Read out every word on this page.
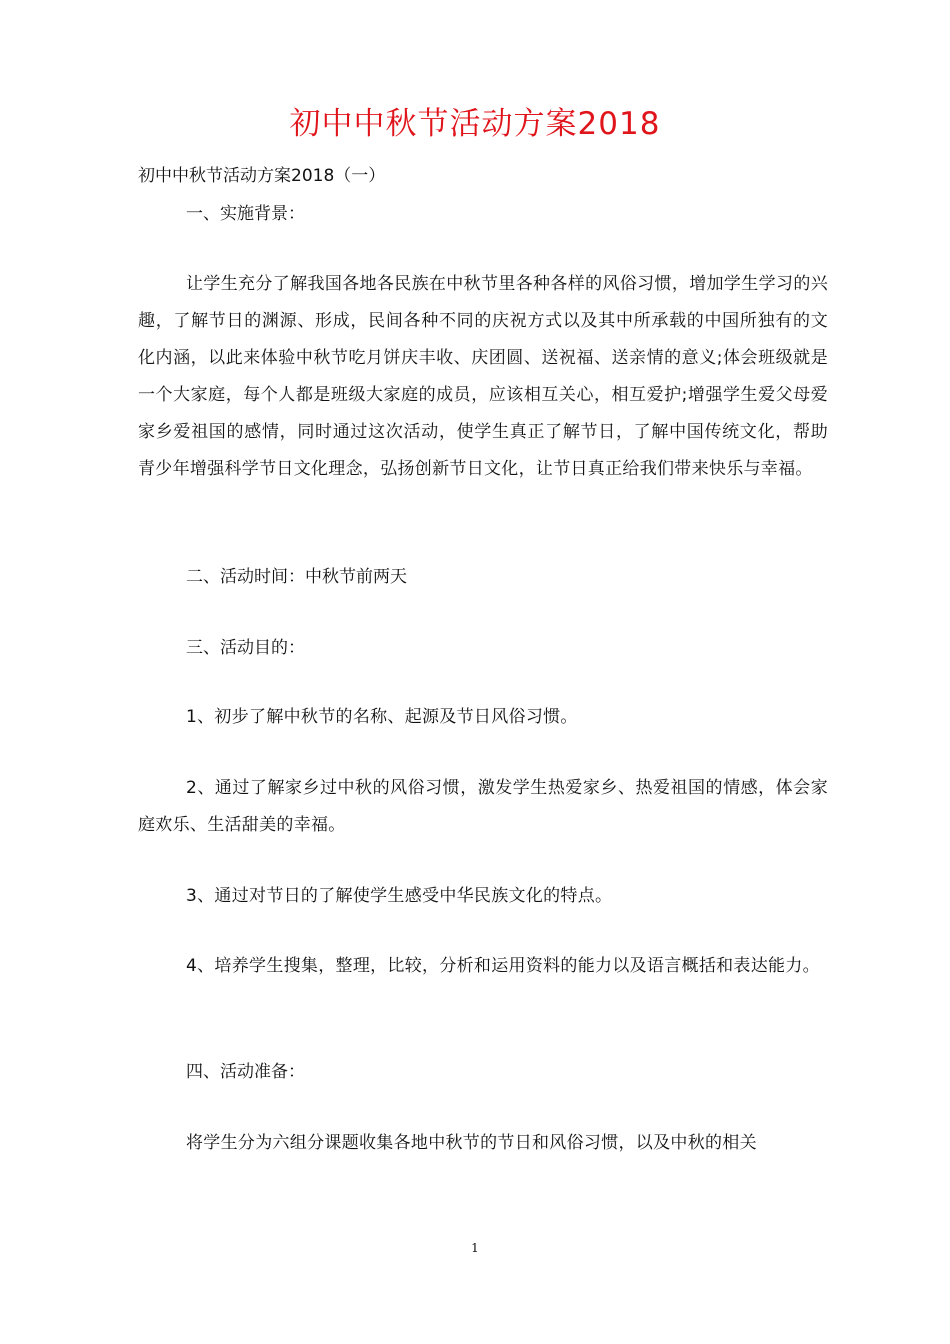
初中中秋节活动方案2018
初中中秋节活动方案2018（一）
一、实施背景：
让学生充分了解我国各地各民族在中秋节里各种各样的风俗习惯，增加学生学习的兴趣，了解节日的渊源、形成，民间各种不同的庆祝方式以及其中所承载的中国所独有的文化内涵，以此来体验中秋节吃月饼庆丰收、庆团圆、送祝福、送亲情的意义;体会班级就是一个大家庭，每个人都是班级大家庭的成员，应该相互关心，相互爱护;增强学生爱父母爱家乡爱祖国的感情，同时通过这次活动，使学生真正了解节日，了解中国传统文化，帮助青少年增强科学节日文化理念，弘扬创新节日文化，让节日真正给我们带来快乐与幸福。
二、活动时间：中秋节前两天
三、活动目的：
1、初步了解中秋节的名称、起源及节日风俗习惯。
2、通过了解家乡过中秋的风俗习惯，激发学生热爱家乡、热爱祖国的情感，体会家庭欢乐、生活甜美的幸福。
3、通过对节日的了解使学生感受中华民族文化的特点。
4、培养学生搜集，整理，比较，分析和运用资料的能力以及语言概括和表达能力。
四、活动准备：
将学生分为六组分课题收集各地中秋节的节日和风俗习惯，以及中秋的相关
1
